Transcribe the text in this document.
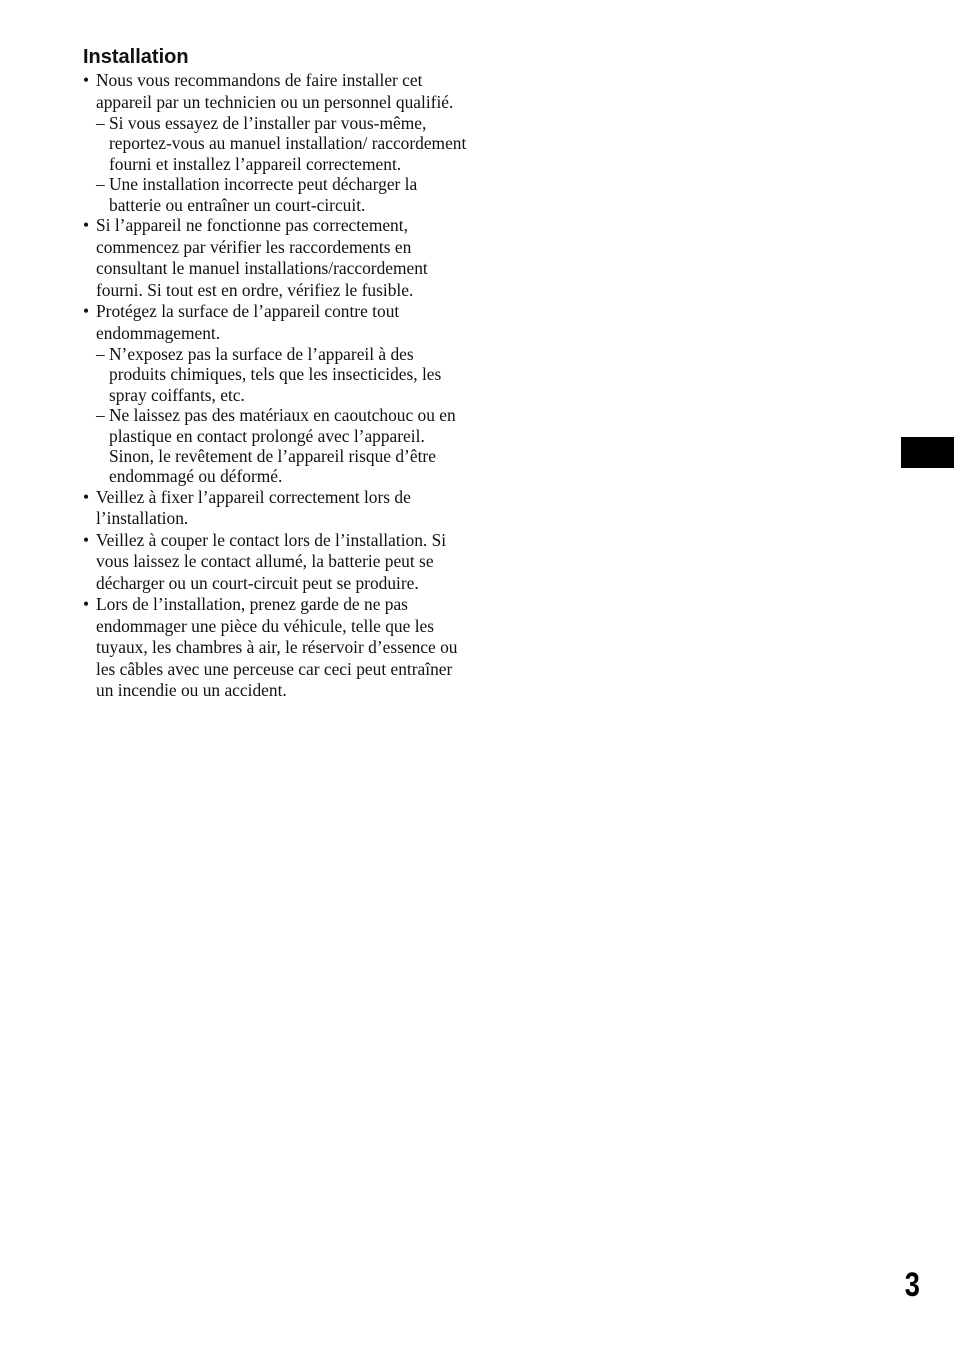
Installation
• Nous vous recommandons de faire installer cet appareil par un technicien ou un personnel qualifié.
– Si vous essayez de l’installer par vous-même, reportez-vous au manuel installation/ raccordement fourni et installez l’appareil correctement.
– Une installation incorrecte peut décharger la batterie ou entraîner un court-circuit.
• Si l’appareil ne fonctionne pas correctement, commencez par vérifier les raccordements en consultant le manuel installations/raccordement fourni. Si tout est en ordre, vérifiez le fusible.
• Protégez la surface de l’appareil contre tout endommagement.
– N’exposez pas la surface de l’appareil à des produits chimiques, tels que les insecticides, les spray coiffants, etc.
– Ne laissez pas des matériaux en caoutchouc ou en plastique en contact prolongé avec l’appareil. Sinon, le revêtement de l’appareil risque d’être endommagé ou déformé.
• Veillez à fixer l’appareil correctement lors de l’installation.
• Veillez à couper le contact lors de l’installation. Si vous laissez le contact allumé, la batterie peut se décharger ou un court-circuit peut se produire.
• Lors de l’installation, prenez garde de ne pas endommager une pièce du véhicule, telle que les tuyaux, les chambres à air, le réservoir d’essence ou les câbles avec une perceuse car ceci peut entraîner un incendie ou un accident.
3
